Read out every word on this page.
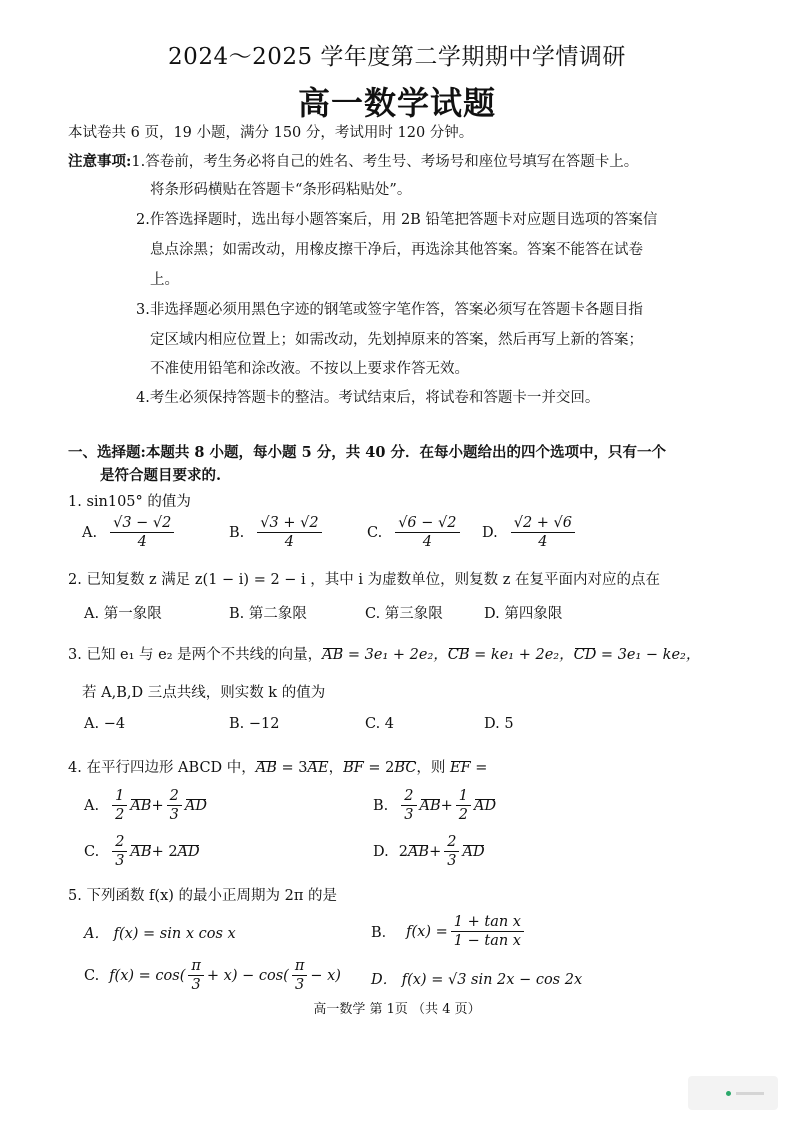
2024～2025 学年度第二学期期中学情调研
高一数学试题
本试卷共 6 页，19 小题，满分 150 分，考试用时 120 分钟。
注意事项:1.答卷前，考生务必将自己的姓名、考生号、考场号和座位号填写在答题卡上。
将条形码横贴在答题卡“条形码粘贴处”。
2.作答选择题时，选出每小题答案后，用 2B 铅笔把答题卡对应题目选项的答案信
息点涂黑；如需改动，用橡皮擦干净后，再选涂其他答案。答案不能答在试卷
上。
3.非选择题必须用黑色字迹的钢笔或签字笔作答，答案必须写在答题卡各题目指
定区域内相应位置上；如需改动，先划掉原来的答案，然后再写上新的答案；
不准使用铅笔和涂改液。不按以上要求作答无效。
4.考生必须保持答题卡的整洁。考试结束后，将试卷和答题卡一并交回。
一、选择题:本题共 8 小题，每小题 5 分，共 40 分．在每小题给出的四个选项中，只有一个
是符合题目要求的.
1. sin105° 的值为
A. $\frac{√3 - √2}{4}$	B. $\frac{√3 + √2}{4}$	C. $\frac{√6 - √2}{4} D$. $\frac{√2 + √6}{4}$
2. 已知复数 z 满足 z(1 − i) = 2 − i ，其中 i 为虚数单位，则复数 z 在复平面内对应的点在
A. 第一象限	B. 第二象限	C. 第三象限	D. 第四象限
3. 已知 e₁ 与 e₂ 是两个不共线的向量，AB = 3e₁ + 2e₂，CB = ke₁ + 2e₂，CD = 3e₁ − ke₂，
若 A,B,D 三点共线，则实数 k 的值为
A. −4	B. −12	C. 4	D. 5
4. 在平行四边形 ABCD 中，AB = 3AE，BF = 2BC，则 EF =
A. $\frac{1}{2}$ AB + $\frac{2}{3}$ AD	B. $\frac{2}{3}$ AB + $\frac{1}{2}$ AD
C. $\frac{2}{3}$ AB + 2 AD	D. 2 AB + $\frac{2}{3}$ AD
5. 下列函数 f(x) 的最小正周期为 2π 的是
A． f(x) = sin x cos x	B． $f(x) = \frac{\text{1 + tan x}}{\text{1 − tan x}}$
C. $f(x) = \cos( \frac{\pi}{3} + x) - \cos( \frac{\pi}{3} - x)$ D． f(x) = √3 sin 2x − cos 2x
高一数学 第 1页 （共 4 页）
